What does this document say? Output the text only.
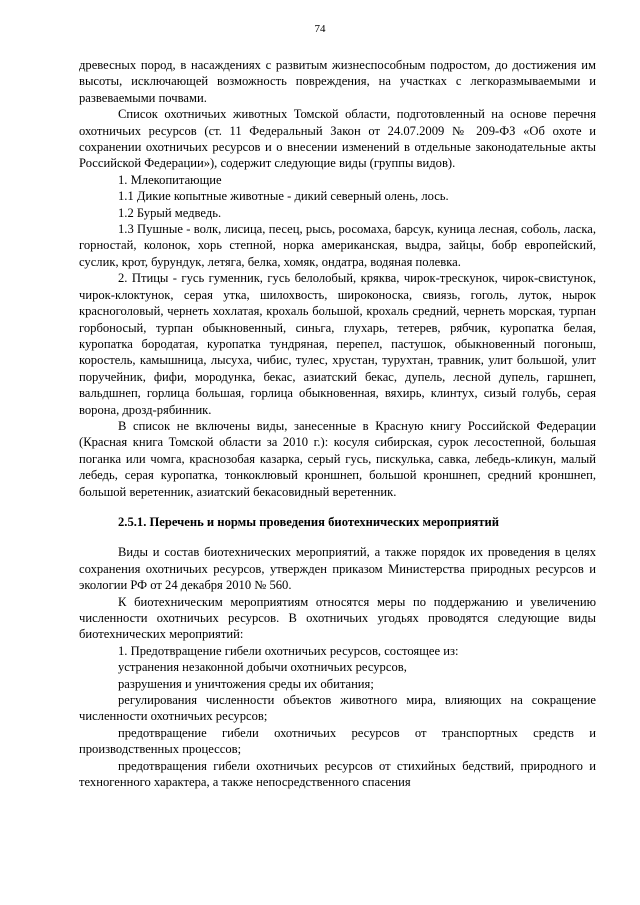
74

древесных пород, в насаждениях с развитым жизнеспособным подростом, до достижения им высоты, исключающей возможность повреждения, на участках с легкоразмываемыми и развеваемыми почвами.

Список охотничьих животных Томской области, подготовленный на основе перечня охотничьих ресурсов (ст. 11 Федеральный Закон от 24.07.2009 № 209-ФЗ «Об охоте и сохранении охотничьих ресурсов и о внесении изменений в отдельные законодательные акты Российской Федерации»), содержит следующие виды (группы видов).

1. Млекопитающие

1.1 Дикие копытные животные - дикий северный олень, лось.

1.2 Бурый медведь.

1.3 Пушные - волк, лисица, песец, рысь, росомаха, барсук, куница лесная, соболь, ласка, горностай, колонок, хорь степной, норка американская, выдра, зайцы, бобр европейский, суслик, крот, бурундук, летяга, белка, хомяк, ондатра, водяная полевка.

2. Птицы - гусь гуменник, гусь белолобый, кряква, чирок-трескунок, чирок-свистунок, чирок-клоктунок, серая утка, шилохвость, широконоска, свиязь, гоголь, луток, нырок красноголовый, чернеть хохлатая, крохаль большой, крохаль средний, чернеть морская, турпан горбоносый, турпан обыкновенный, синьга, глухарь, тетерев, рябчик, куропатка белая, куропатка бородатая, куропатка тундряная, перепел, пастушок, обыкновенный погоныш, коростель, камышница, лысуха, чибис, тулес, хрустан, турухтан, травник, улит большой, улит поручейник, фифи, мородунка, бекас, азиатский бекас, дупель, лесной дупель, гаршнеп, вальдшнеп, горлица большая, горлица обыкновенная, вяхирь, клинтух, сизый голубь, серая ворона, дрозд-рябинник.

В список не включены виды, занесенные в Красную книгу Российской Федерации (Красная книга Томской области за 2010 г.): косуля сибирская, сурок лесостепной, большая поганка или чомга, краснозобая казарка, серый гусь, пискулька, савка, лебедь-кликун, малый лебедь, серая куропатка, тонкоклювый кроншнеп, большой кроншнеп, средний кроншнеп, большой веретенник, азиатский бекасовидный веретенник.

2.5.1. Перечень и нормы проведения биотехнических мероприятий

Виды и состав биотехнических мероприятий, а также порядок их проведения в целях сохранения охотничьих ресурсов, утвержден приказом Министерства природных ресурсов и экологии РФ от 24 декабря 2010 № 560.

К биотехническим мероприятиям относятся меры по поддержанию и увеличению численности охотничьих ресурсов. В охотничьих угодьях проводятся следующие виды биотехнических мероприятий:

1. Предотвращение гибели охотничьих ресурсов, состоящее из:

устранения незаконной добычи охотничьих ресурсов,

разрушения и уничтожения среды их обитания;

регулирования численности объектов животного мира, влияющих на сокращение численности охотничьих ресурсов;

предотвращение гибели охотничьих ресурсов от транспортных средств и производственных процессов;

предотвращения гибели охотничьих ресурсов от стихийных бедствий, природного и техногенного характера, а также непосредственного спасения
